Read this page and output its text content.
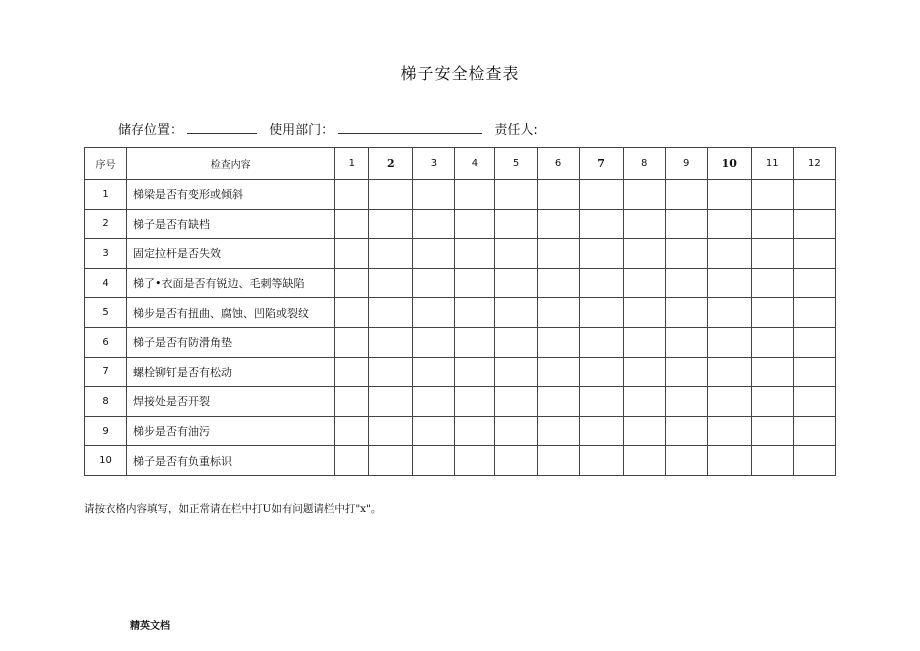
梯子安全检查表
储存位置：	使用部门：	责任人:
序号	检查内容	1	2	3	4	5	6	7	8	9	10	11	12
1	梯梁是否有变形或倾斜												
2	梯子是否有缺档												
3	固定拉杆是否失效												
4	梯了•衣面是否有锐边、毛刺等缺陷												
5	梯步是否有扭曲、腐蚀、凹陷或裂纹												
6	梯子是否有防滑角垫												
7	螺栓铆钉是否有松动												
8	焊接处是否开裂												
9	梯步是否有油污												
10	梯子是否有负重标识												
请按衣格内容填写，如正常请在栏中打U如有问题请栏中打"x"。
精英文档
